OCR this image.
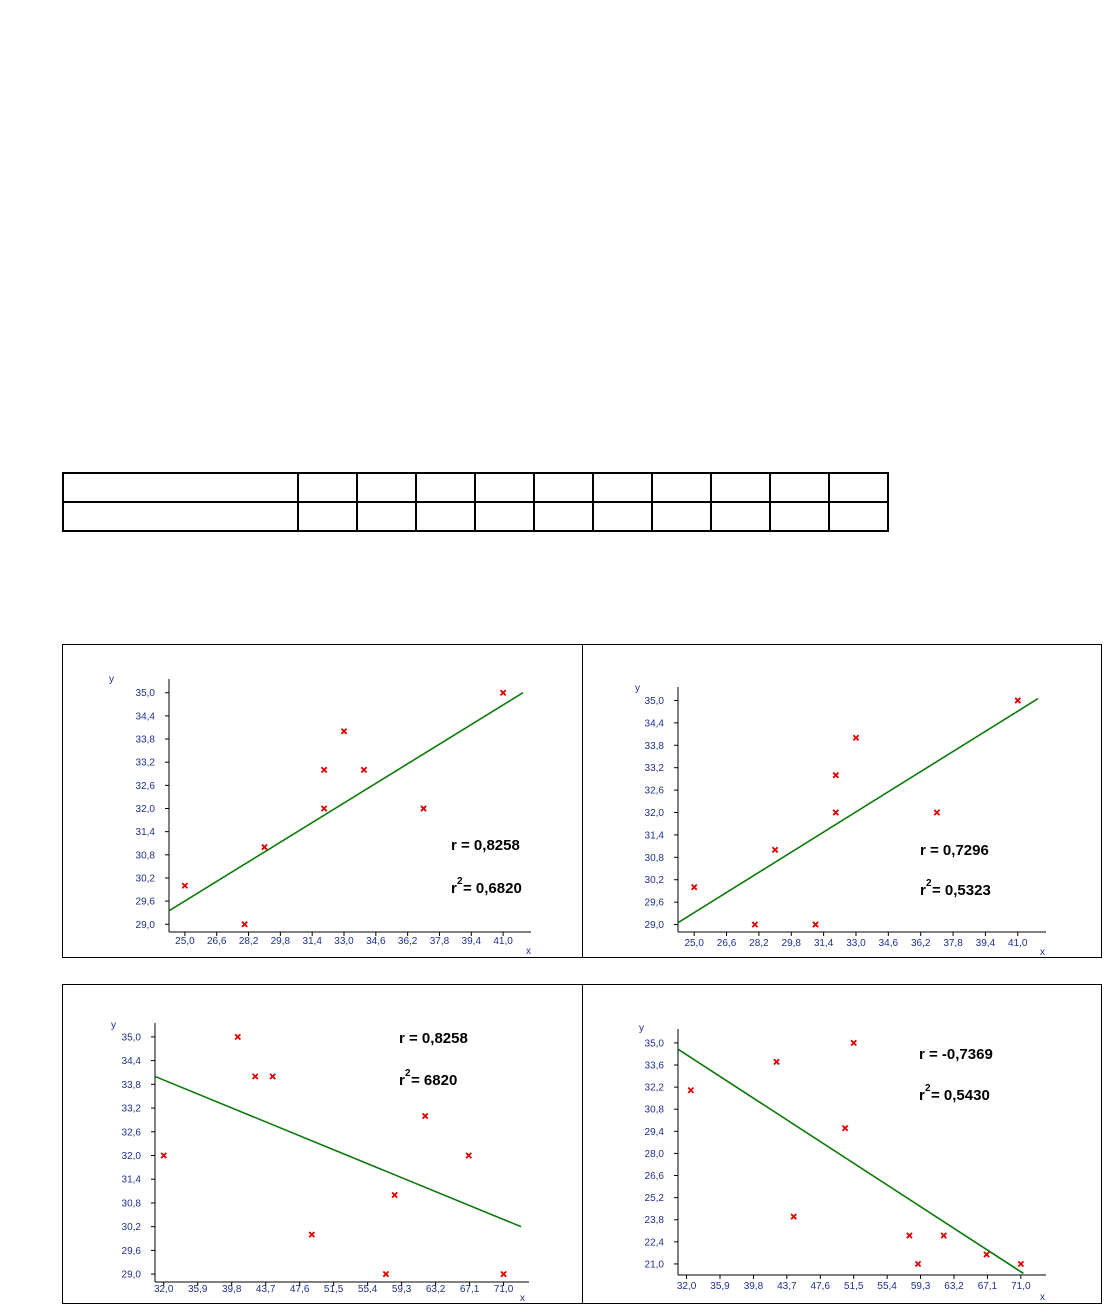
29,0
29,6
30,2
30,8
31,4
32,0
32,6
33,2
33,8
34,4
35,0
25,0 26,6 28,2 29,8 31,4 33,0 34,6 36,2 37,8 39,4 41,0
x
y
r = 0,8258
r 2 = 0,6820
29,0
29,6
30,2
30,8
31,4
32,0
32,6
33,2
33,8
34,4
35,0
25,0 26,6 28,2 29,8 31,4 33,0 34,6 36,2 37,8 39,4 41,0
x
y
r = 0,7296
r 2 = 0,5323
29,0
29,6
30,2
30,8
31,4
32,0
32,6
33,2
33,8
34,4
35,0
32,0 35,9 39,8 43,7 47,6 51,5 55,4 59,3 63,2 67,1 71,0
x
y
r = 0,8258
r 2 = 6820
21,0
22,4
23,8
25,2
26,6
28,0
29,4
30,8
32,2
33,6
35,0
32,0 35,9 39,8 43,7 47,6 51,5 55,4 59,3 63,2 67,1 71,0
x
y
r = -0,7369
r 2 = 0,5430
